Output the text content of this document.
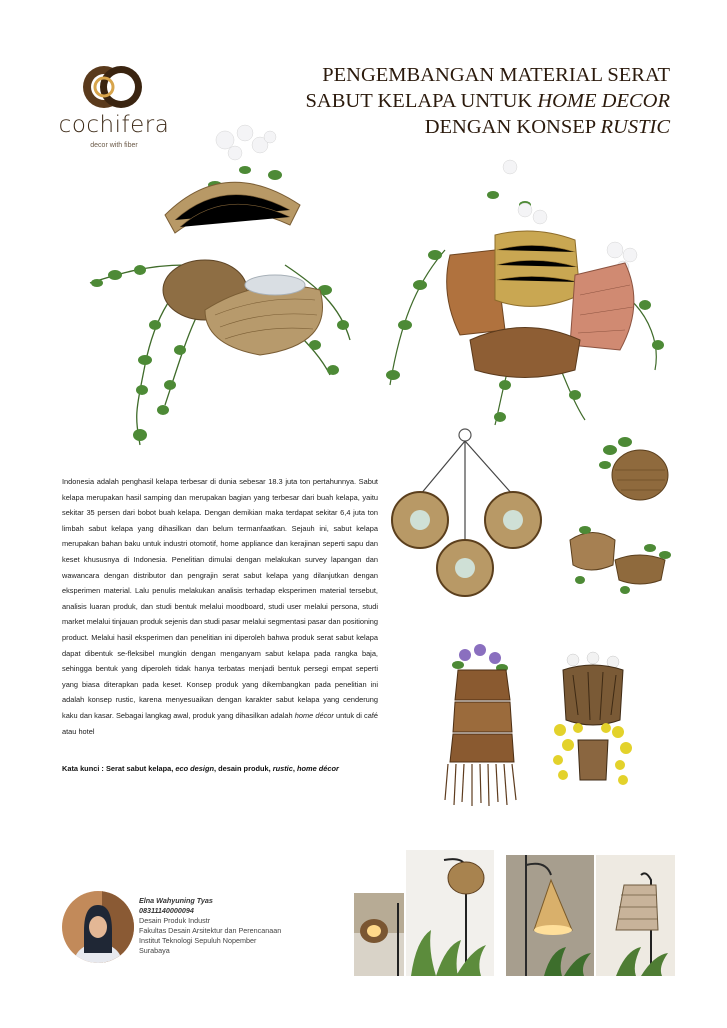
cochifera
decor with fiber
PENGEMBANGAN MATERIAL SERAT
SABUT KELAPA UNTUK HOME DECOR
DENGAN KONSEP RUSTIC
Indonesia adalah penghasil kelapa terbesar di dunia sebesar 18.3 juta ton pertahunnya. Sabut kelapa merupakan hasil samping dan merupakan bagian yang terbesar dari buah kelapa, yaitu sekitar 35 persen dari bobot buah kelapa. Dengan demikian maka terdapat sekitar 6,4 juta ton limbah sabut kelapa yang dihasilkan dan belum termanfaatkan. Sejauh ini, sabut kelapa merupakan bahan baku untuk industri otomotif, home appliance dan kerajinan seperti sapu dan keset khususnya di Indonesia. Penelitian dimulai dengan melakukan survey lapangan dan wawancara dengan distributor dan pengrajin serat sabut kelapa yang dilanjutkan dengan eksperimen material. Lalu penulis melakukan analisis terhadap eksperimen material tersebut, analisis luaran produk, dan studi bentuk melalui moodboard, studi user melalui persona, studi market melalui tinjauan produk sejenis dan studi pasar melalui segmentasi pasar dan positioning product. Melalui hasil eksperimen dan penelitian ini diperoleh bahwa produk serat sabut kelapa dapat dibentuk se-fleksibel mungkin dengan menganyam sabut kelapa pada rangka baja, sehingga bentuk yang diperoleh tidak hanya terbatas menjadi bentuk persegi empat seperti yang biasa diterapkan pada keset. Konsep produk yang dikembangkan pada penelitian ini adalah konsep rustic, karena menyesuaikan dengan karakter sabut kelapa yang cenderung kaku dan kasar. Sebagai langkag awal, produk yang dihasilkan adalah home décor untuk di café atau hotel
Kata kunci : Serat sabut kelapa, eco design, desain produk, rustic, home décor
Elna Wahyuning Tyas
08311140000094
Desain Produk Industr
Fakultas Desain Arsitektur dan Perencanaan
Institut Teknologi Sepuluh Nopember
Surabaya
